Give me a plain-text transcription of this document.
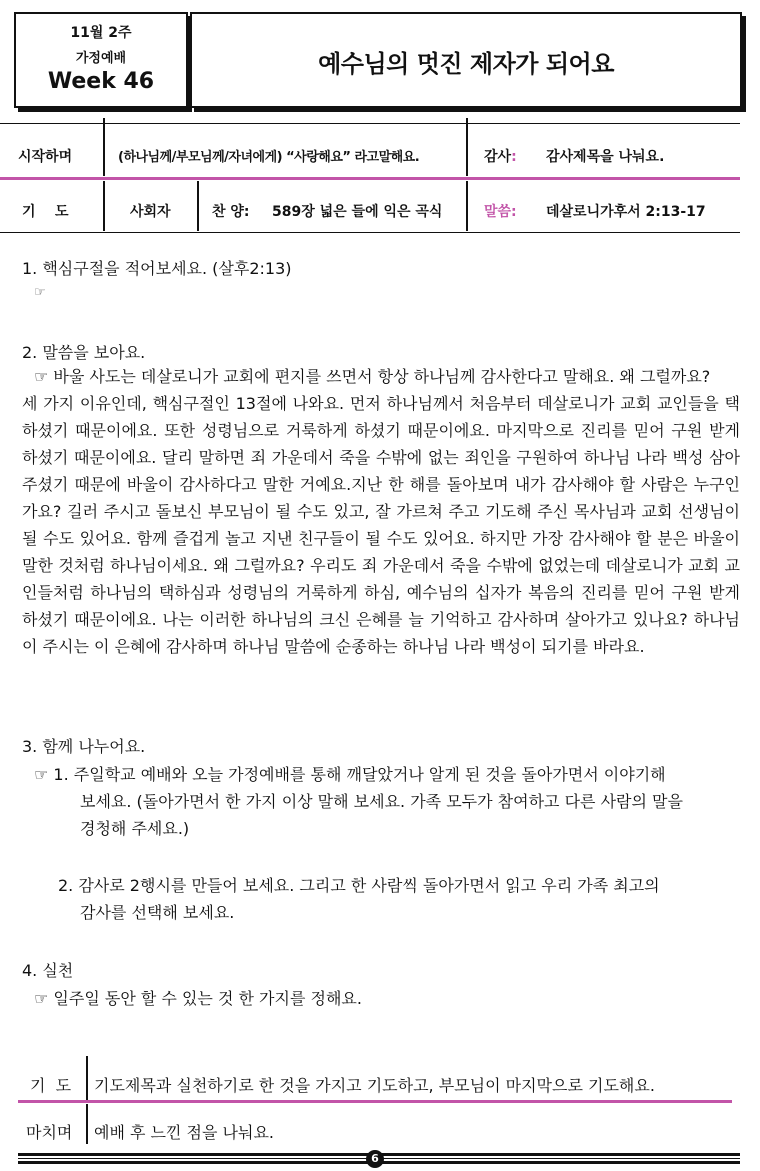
11월 2주
가정예배
Week 46
예수님의 멋진 제자가 되어요
시작하며	(하나님께/부모님께/자녀에게) “사랑해요” 라고말해요.	감사: 감사제목을 나눠요.
기    도	사회자	찬 양: 589장 넓은 들에 익은 곡식	말씀: 데살로니가후서 2:13-17
1. 핵심구절을 적어보세요. (살후2:13)
☞
2. 말씀을 보아요.
☞ 바울 사도는 데살로니가 교회에 편지를 쓰면서 항상 하나님께 감사한다고 말해요. 왜 그럴까요?
세 가지 이유인데, 핵심구절인 13절에 나와요. 먼저 하나님께서 처음부터 데살로니가 교회 교인들을 택하셨기 때문이에요. 또한 성령님으로 거룩하게 하셨기 때문이에요. 마지막으로 진리를 믿어 구원 받게 하셨기 때문이에요. 달리 말하면 죄 가운데서 죽을 수밖에 없는 죄인을 구원하여 하나님 나라 백성 삼아 주셨기 때문에 바울이 감사하다고 말한 거예요.지난 한 해를 돌아보며 내가 감사해야 할 사람은 누구인가요? 길러 주시고 돌보신 부모님이 될 수도 있고, 잘 가르쳐 주고 기도해 주신 목사님과 교회 선생님이 될 수도 있어요. 함께 즐겁게 놀고 지낸 친구들이 될 수도 있어요. 하지만 가장 감사해야 할 분은 바울이 말한 것처럼 하나님이세요. 왜 그럴까요? 우리도 죄 가운데서 죽을 수밖에 없었는데 데살로니가 교회 교인들처럼 하나님의 택하심과 성령님의 거룩하게 하심, 예수님의 십자가 복음의 진리를 믿어 구원 받게 하셨기 때문이에요. 나는 이러한 하나님의 크신 은혜를 늘 기억하고 감사하며 살아가고 있나요? 하나님이 주시는 이 은혜에 감사하며 하나님 말씀에 순종하는 하나님 나라 백성이 되기를 바라요.
3. 함께 나누어요.
☞ 1. 주일학교 예배와 오늘 가정예배를 통해 깨달았거나 알게 된 것을 돌아가면서 이야기해
보세요. (돌아가면서 한 가지 이상 말해 보세요. 가족 모두가 참여하고 다른 사람의 말을
경청해 주세요.)
2. 감사로 2행시를 만들어 보세요. 그리고 한 사람씩 돌아가면서 읽고 우리 가족 최고의
감사를 선택해 보세요.
4. 실천
☞ 일주일 동안 할 수 있는 것 한 가지를 정해요.
기  도 기도제목과 실천하기로 한 것을 가지고 기도하고, 부모님이 마지막으로 기도해요.
마치며 예배 후 느낀 점을 나눠요.
6
